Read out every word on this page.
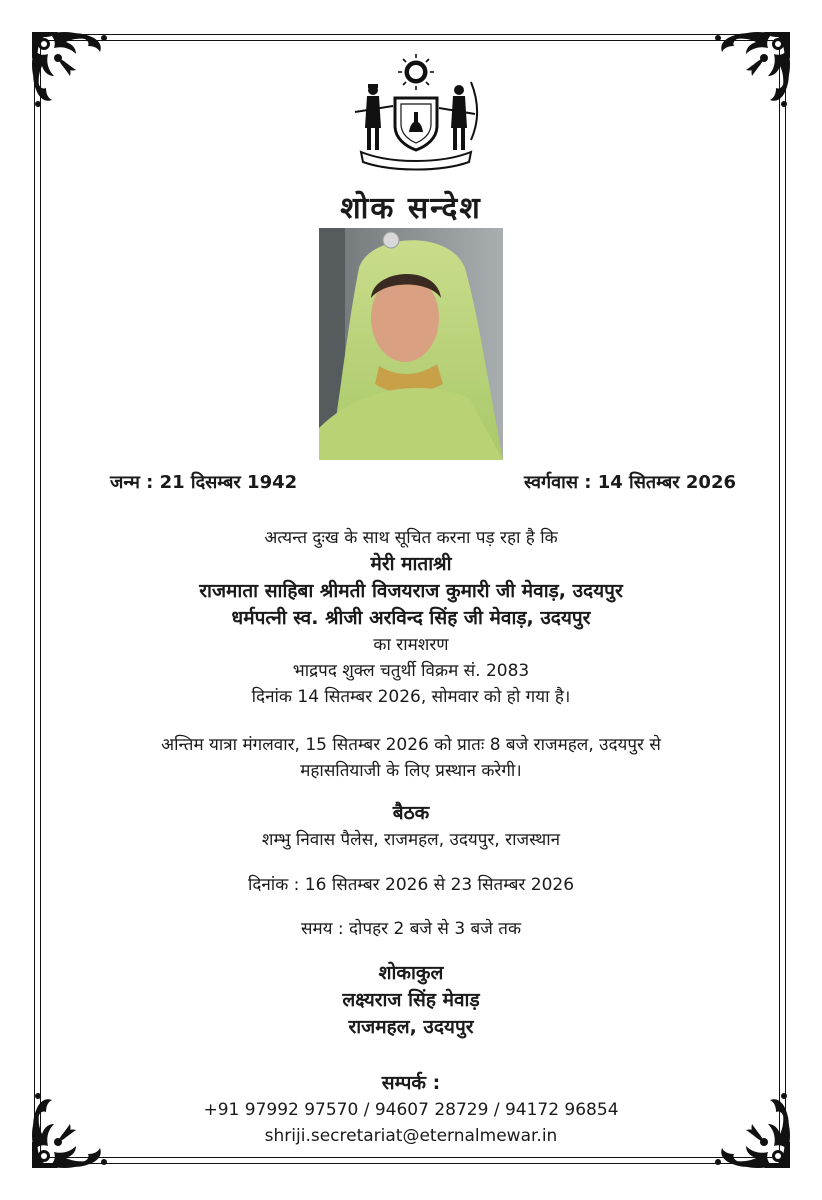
शोक सन्देश
जन्म : 21 दिसम्बर 1942	स्वर्गवास : 14 सितम्बर 2026
अत्यन्त दुःख के साथ सूचित करना पड़ रहा है कि
मेरी माताश्री
राजमाता साहिबा श्रीमती विजयराज कुमारी जी मेवाड़, उदयपुर
धर्मपत्नी स्व. श्रीजी अरविन्द सिंह जी मेवाड़, उदयपुर
का रामशरण
भाद्रपद शुक्ल चतुर्थी विक्रम सं. 2083
दिनांक 14 सितम्बर 2026, सोमवार को हो गया है।
अन्तिम यात्रा मंगलवार, 15 सितम्बर 2026 को प्रातः 8 बजे राजमहल, उदयपुर से
महासतियाजी के लिए प्रस्थान करेगी।
बैठक
शम्भु निवास पैलेस, राजमहल, उदयपुर, राजस्थान
दिनांक : 16 सितम्बर 2026 से 23 सितम्बर 2026
समय : दोपहर 2 बजे से 3 बजे तक
शोकाकुल
लक्ष्यराज सिंह मेवाड़
राजमहल, उदयपुर
सम्पर्क :
+91 97992 97570 / 94607 28729 / 94172 96854
shriji.secretariat@eternalmewar.in
